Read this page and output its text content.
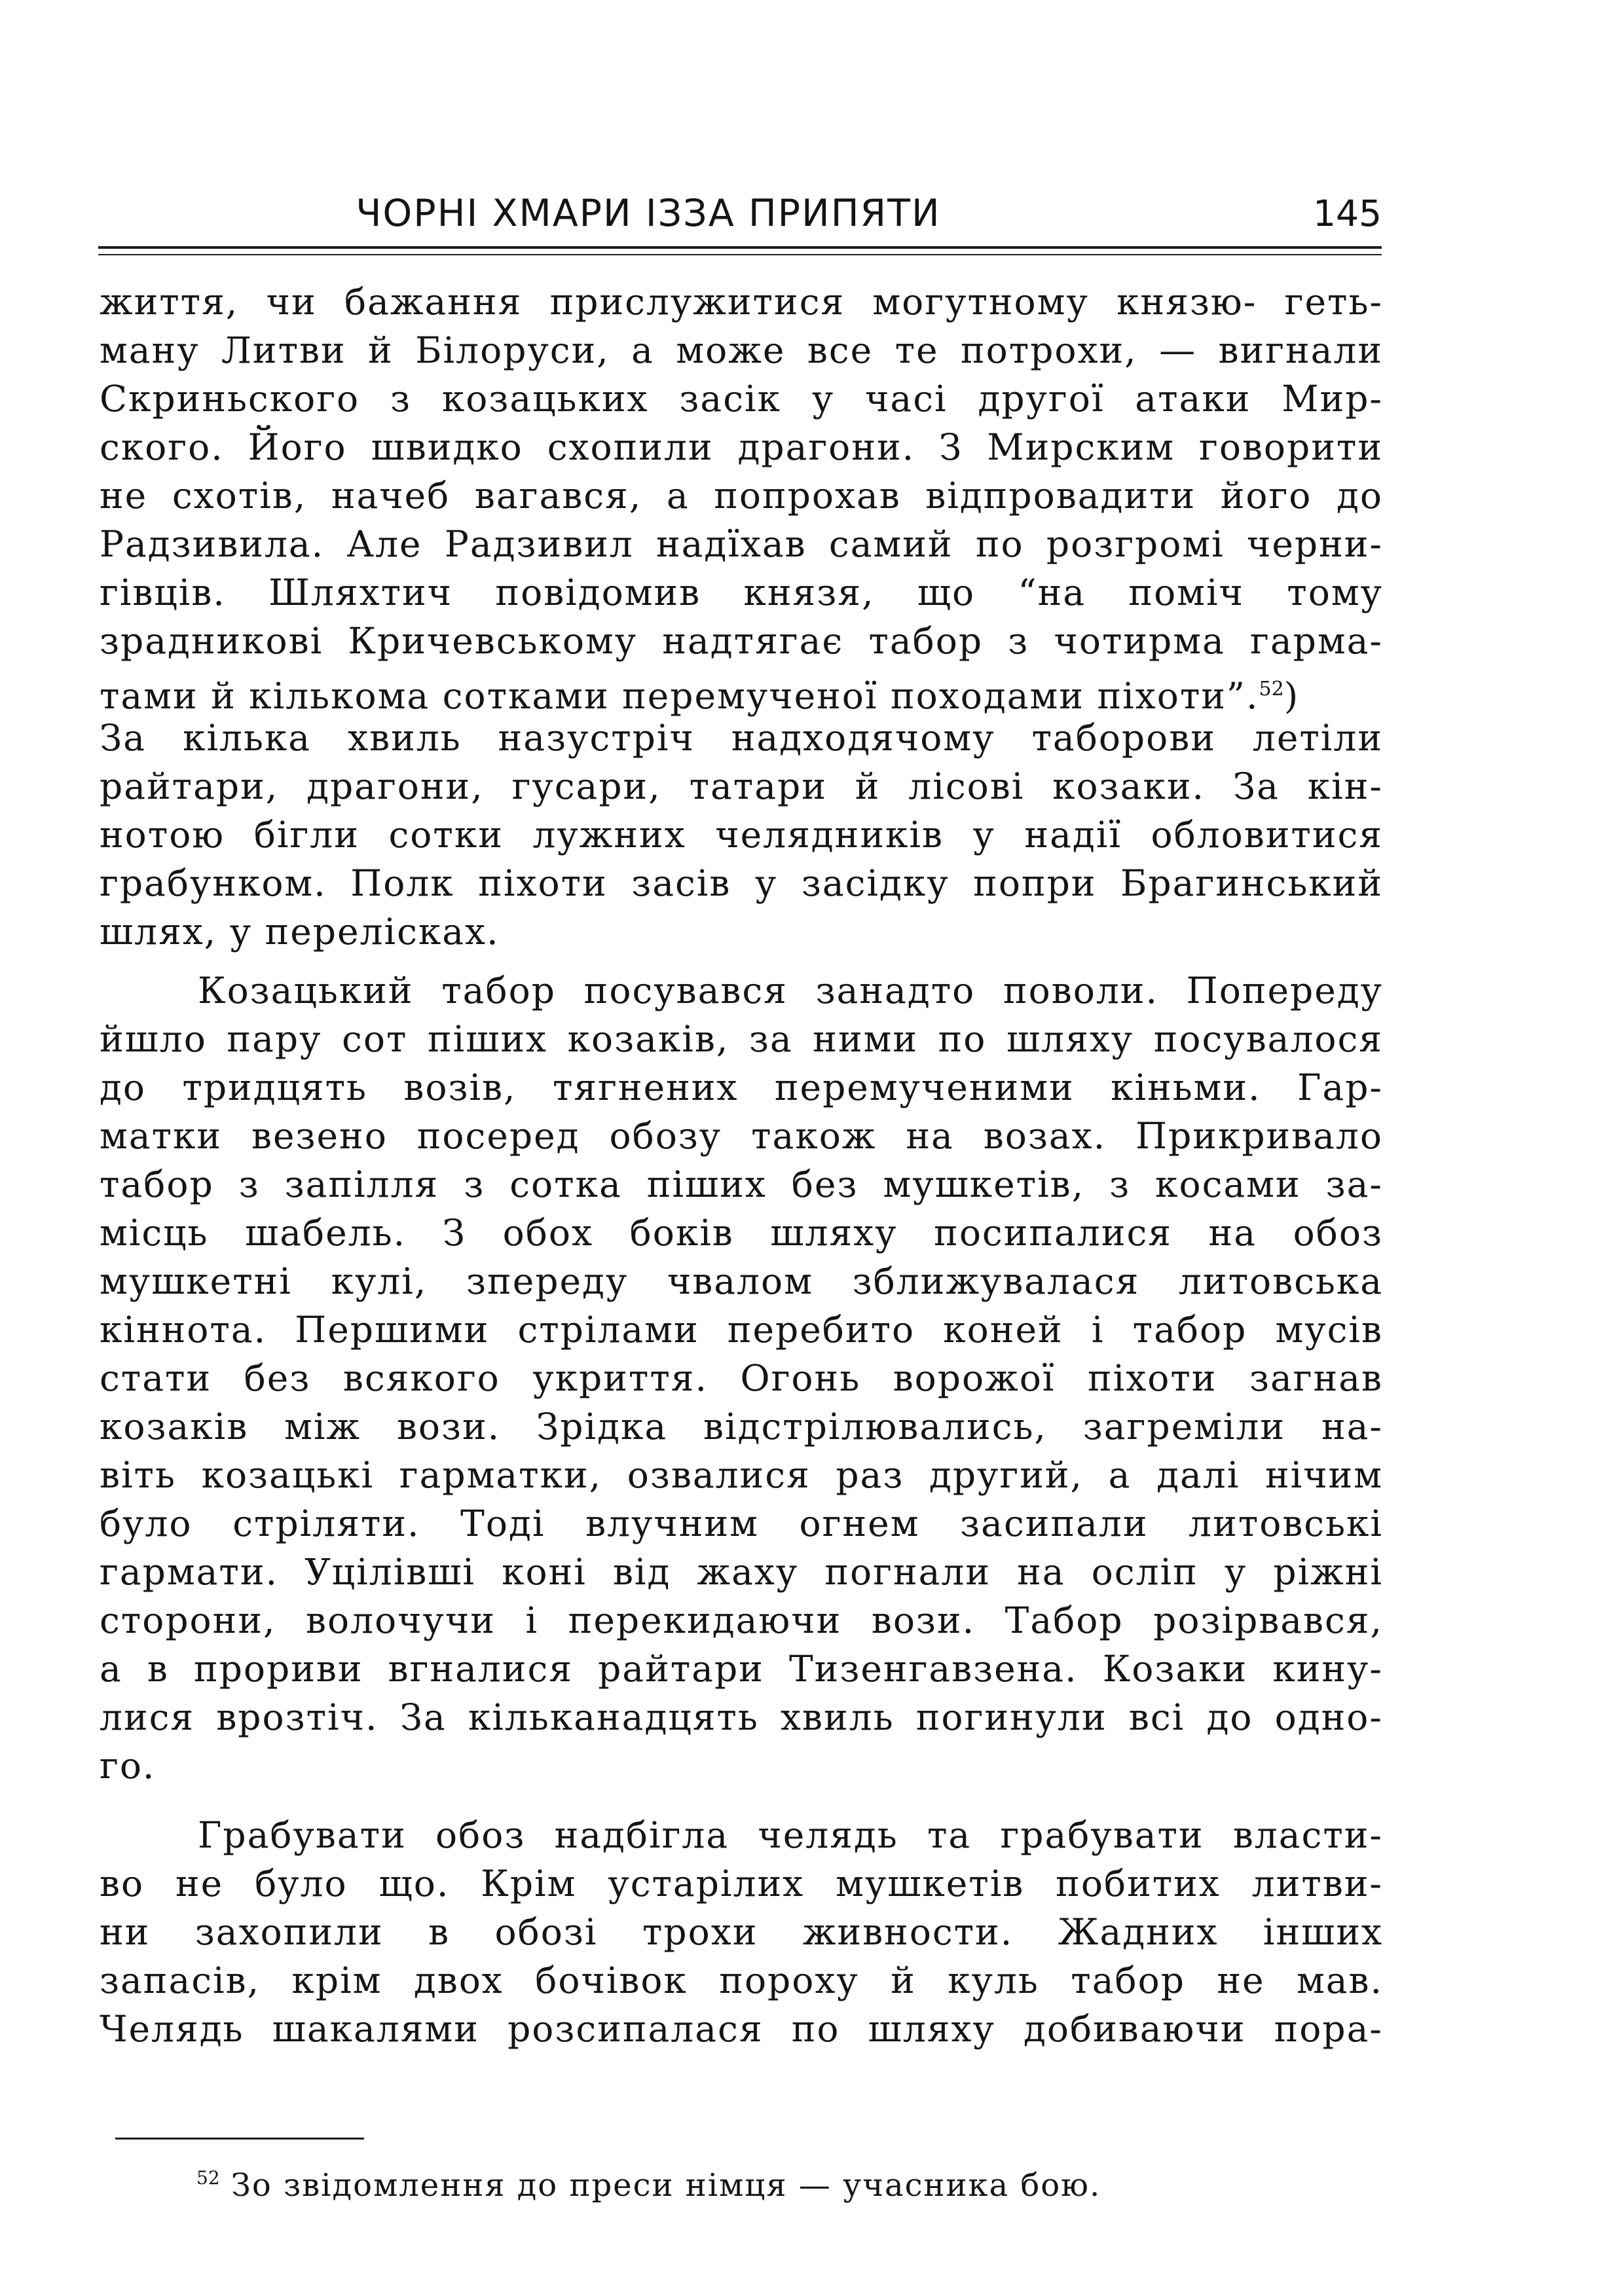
ЧОРНІ ХМАРИ ІЗЗА ПРИПЯТИ	145
життя, чи бажання прислужитися могутному князю- геть-
ману Литви й Білоруси, а може все те потрохи, — вигнали
Скриньского з козацьких засік у часі другої атаки Мир-
ского. Його швидко схопили драгони. З Мирским говорити
не схотів, начеб вагався, а попрохав відпровадити його до
Радзивила. Але Радзивил надїхав самий по розгромі черни-
гівців. Шляхтич повідомив князя, що “на поміч тому
зрадникові Кричевському надтягає табор з чотирма гарма-
тами й кількома сотками перемученої походами піхоти”.$^{52}$)
За кілька хвиль назустріч надходячому таборови летіли
райтари, драгони, гусари, татари й лісові козаки. За кін-
нотою бігли сотки лужних челядників у надії обловитися
грабунком. Полк піхоти засів у засідку попри Брагинський
шлях, у перелісках.
Козацький табор посувався занадто поволи. Попереду
йшло пару сот піших козаків, за ними по шляху посувалося
до тридцять возів, тягнених перемученими кіньми. Гар-
матки везено посеред обозу також на возах. Прикривало
табор з запілля з сотка піших без мушкетів, з косами за-
місць шабель. З обох боків шляху посипалися на обоз
мушкетні кулі, зпереду чвалом зближувалася литовська
кіннота. Першими стрілами перебито коней і табор мусів
стати без всякого укриття. Огонь ворожої піхоти загнав
козаків між вози. Зрідка відстрілювались, загреміли на-
віть козацькі гарматки, озвалися раз другий, а далі нічим
було стріляти. Тоді влучним огнем засипали литовські
гармати. Уцілівші коні від жаху погнали на осліп у ріжні
сторони, волочучи і перекидаючи вози. Табор розірвався,
а в прориви вгналися райтари Тизенгавзена. Козаки кину-
лися врозтіч. За кільканадцять хвиль погинули всі до одно-
го.
Грабувати обоз надбігла челядь та грабувати власти-
во не було що. Крім устарілих мушкетів побитих литви-
ни захопили в обозі трохи живности. Жадних інших
запасів, крім двох бочівок пороху й куль табор не мав.
Челядь шакалями розсипалася по шляху добиваючи пора-
$^{52}$ Зо звідомлення до преси німця — учасника бою.
